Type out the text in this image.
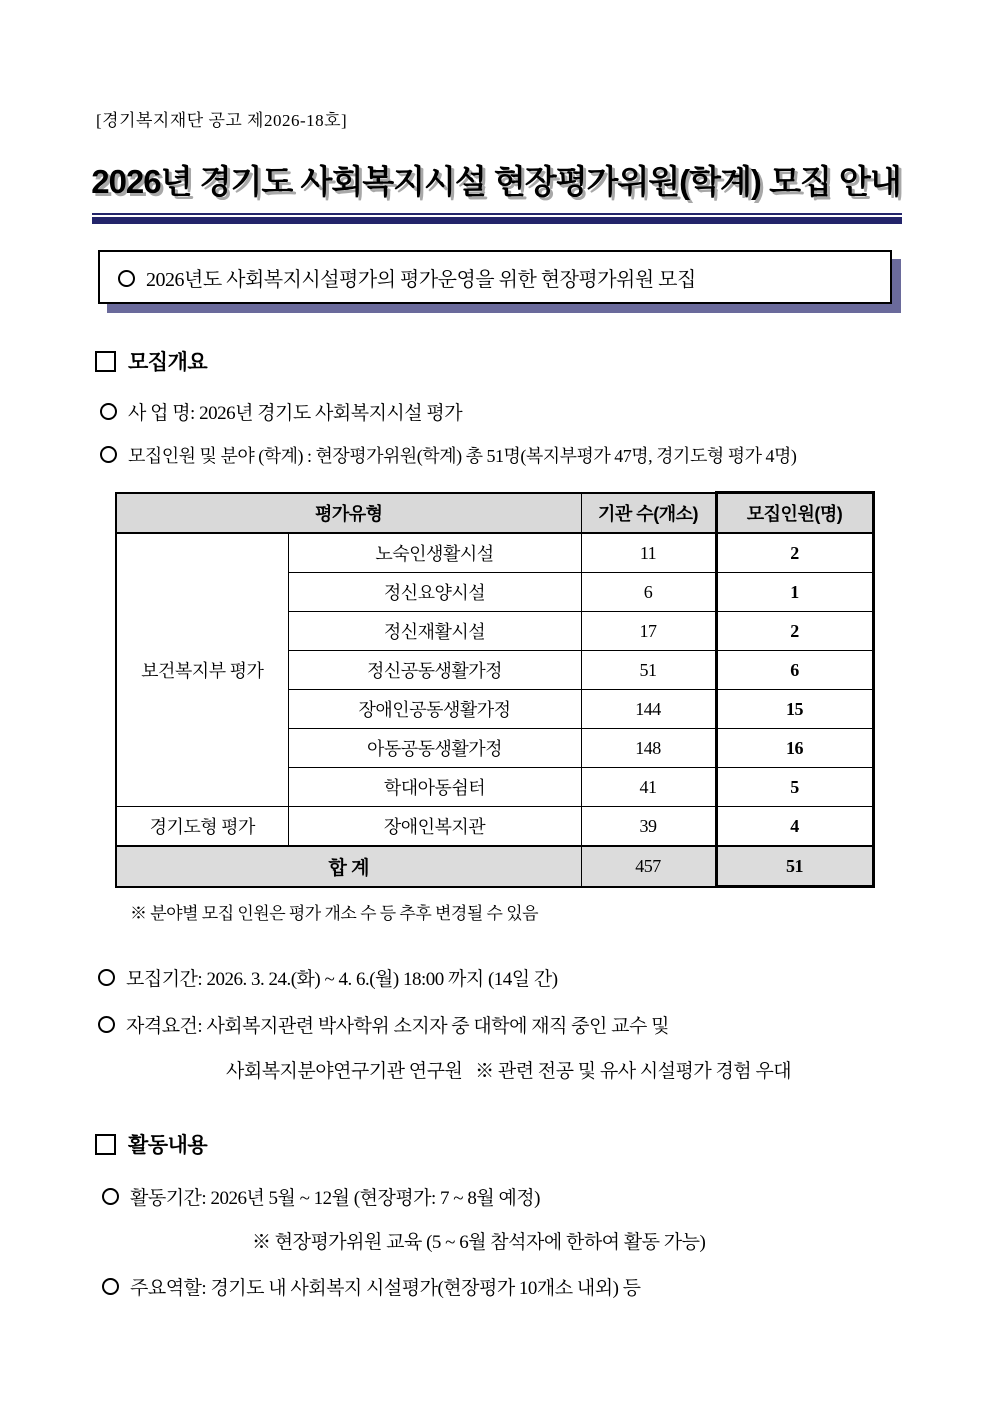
[경기복지재단 공고 제2026-18호]
2026년 경기도 사회복지시설 현장평가위원(학계) 모집 안내
2026년도 사회복지시설평가의 평가운영을 위한 현장평가위원 모집
모집개요
사 업 명: 2026년 경기도 사회복지시설 평가
모집인원 및 분야 (학계) : 현장평가위원(학계) 총 51명(복지부평가 47명, 경기도형 평가 4명)
평가유형		기관 수(개소)	모집인원(명)
보건복지부 평가	노숙인생활시설	11	2
	정신요양시설	6	1
	정신재활시설	17	2
	정신공동생활가정	51	6
	장애인공동생활가정	144	15
	아동공동생활가정	148	16
	학대아동쉼터	41	5
경기도형 평가	장애인복지관	39	4
합 계		457	51
※ 분야별 모집 인원은 평가 개소 수 등 추후 변경될 수 있음
모집기간: 2026. 3. 24.(화) ~ 4. 6.(월) 18:00 까지 (14일 간)
자격요건: 사회복지관련 박사학위 소지자 중 대학에 재직 중인 교수 및
사회복지분야연구기관 연구원   ※ 관련 전공 및 유사 시설평가 경험 우대
활동내용
활동기간: 2026년 5월 ~ 12월 (현장평가: 7 ~ 8월 예정)
※ 현장평가위원 교육 (5 ~ 6월 참석자에 한하여 활동 가능)
주요역할: 경기도 내 사회복지 시설평가(현장평가 10개소 내외) 등
